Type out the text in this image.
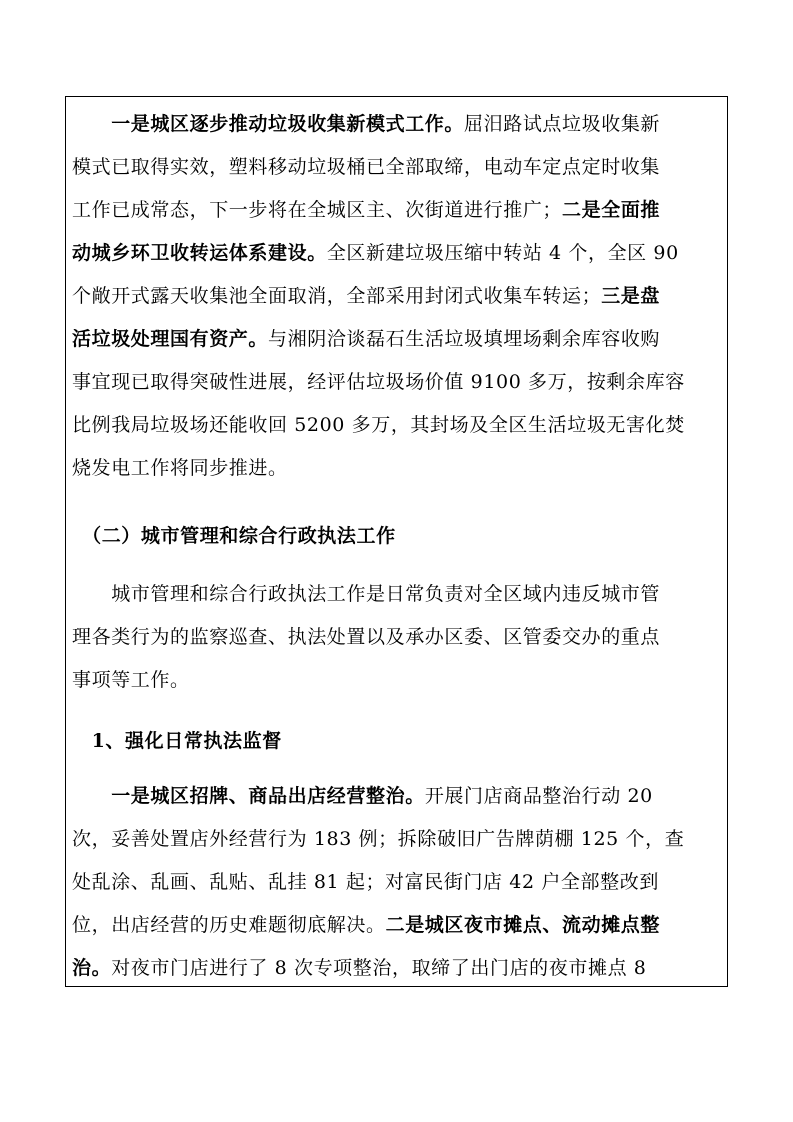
　　一是城区逐步推动垃圾收集新模式工作。屈汨路试点垃圾收集新
模式已取得实效，塑料移动垃圾桶已全部取缔，电动车定点定时收集
工作已成常态，下一步将在全城区主、次街道进行推广；二是全面推
动城乡环卫收转运体系建设。全区新建垃圾压缩中转站 4 个，全区 90
个敞开式露天收集池全面取消，全部采用封闭式收集车转运；三是盘
活垃圾处理国有资产。与湘阴洽谈磊石生活垃圾填埋场剩余库容收购
事宜现已取得突破性进展，经评估垃圾场价值 9100 多万，按剩余库容
比例我局垃圾场还能收回 5200 多万，其封场及全区生活垃圾无害化焚
烧发电工作将同步推进。
　（二）城市管理和综合行政执法工作
　　城市管理和综合行政执法工作是日常负责对全区域内违反城市管
理各类行为的监察巡查、执法处置以及承办区委、区管委交办的重点
事项等工作。
　1、强化日常执法监督
　　一是城区招牌、商品出店经营整治。开展门店商品整治行动 20
次，妥善处置店外经营行为 183 例；拆除破旧广告牌荫棚 125 个，查
处乱涂、乱画、乱贴、乱挂 81 起；对富民街门店 42 户全部整改到
位，出店经营的历史难题彻底解决。二是城区夜市摊点、流动摊点整
治。对夜市门店进行了 8 次专项整治，取缔了出门店的夜市摊点 8
